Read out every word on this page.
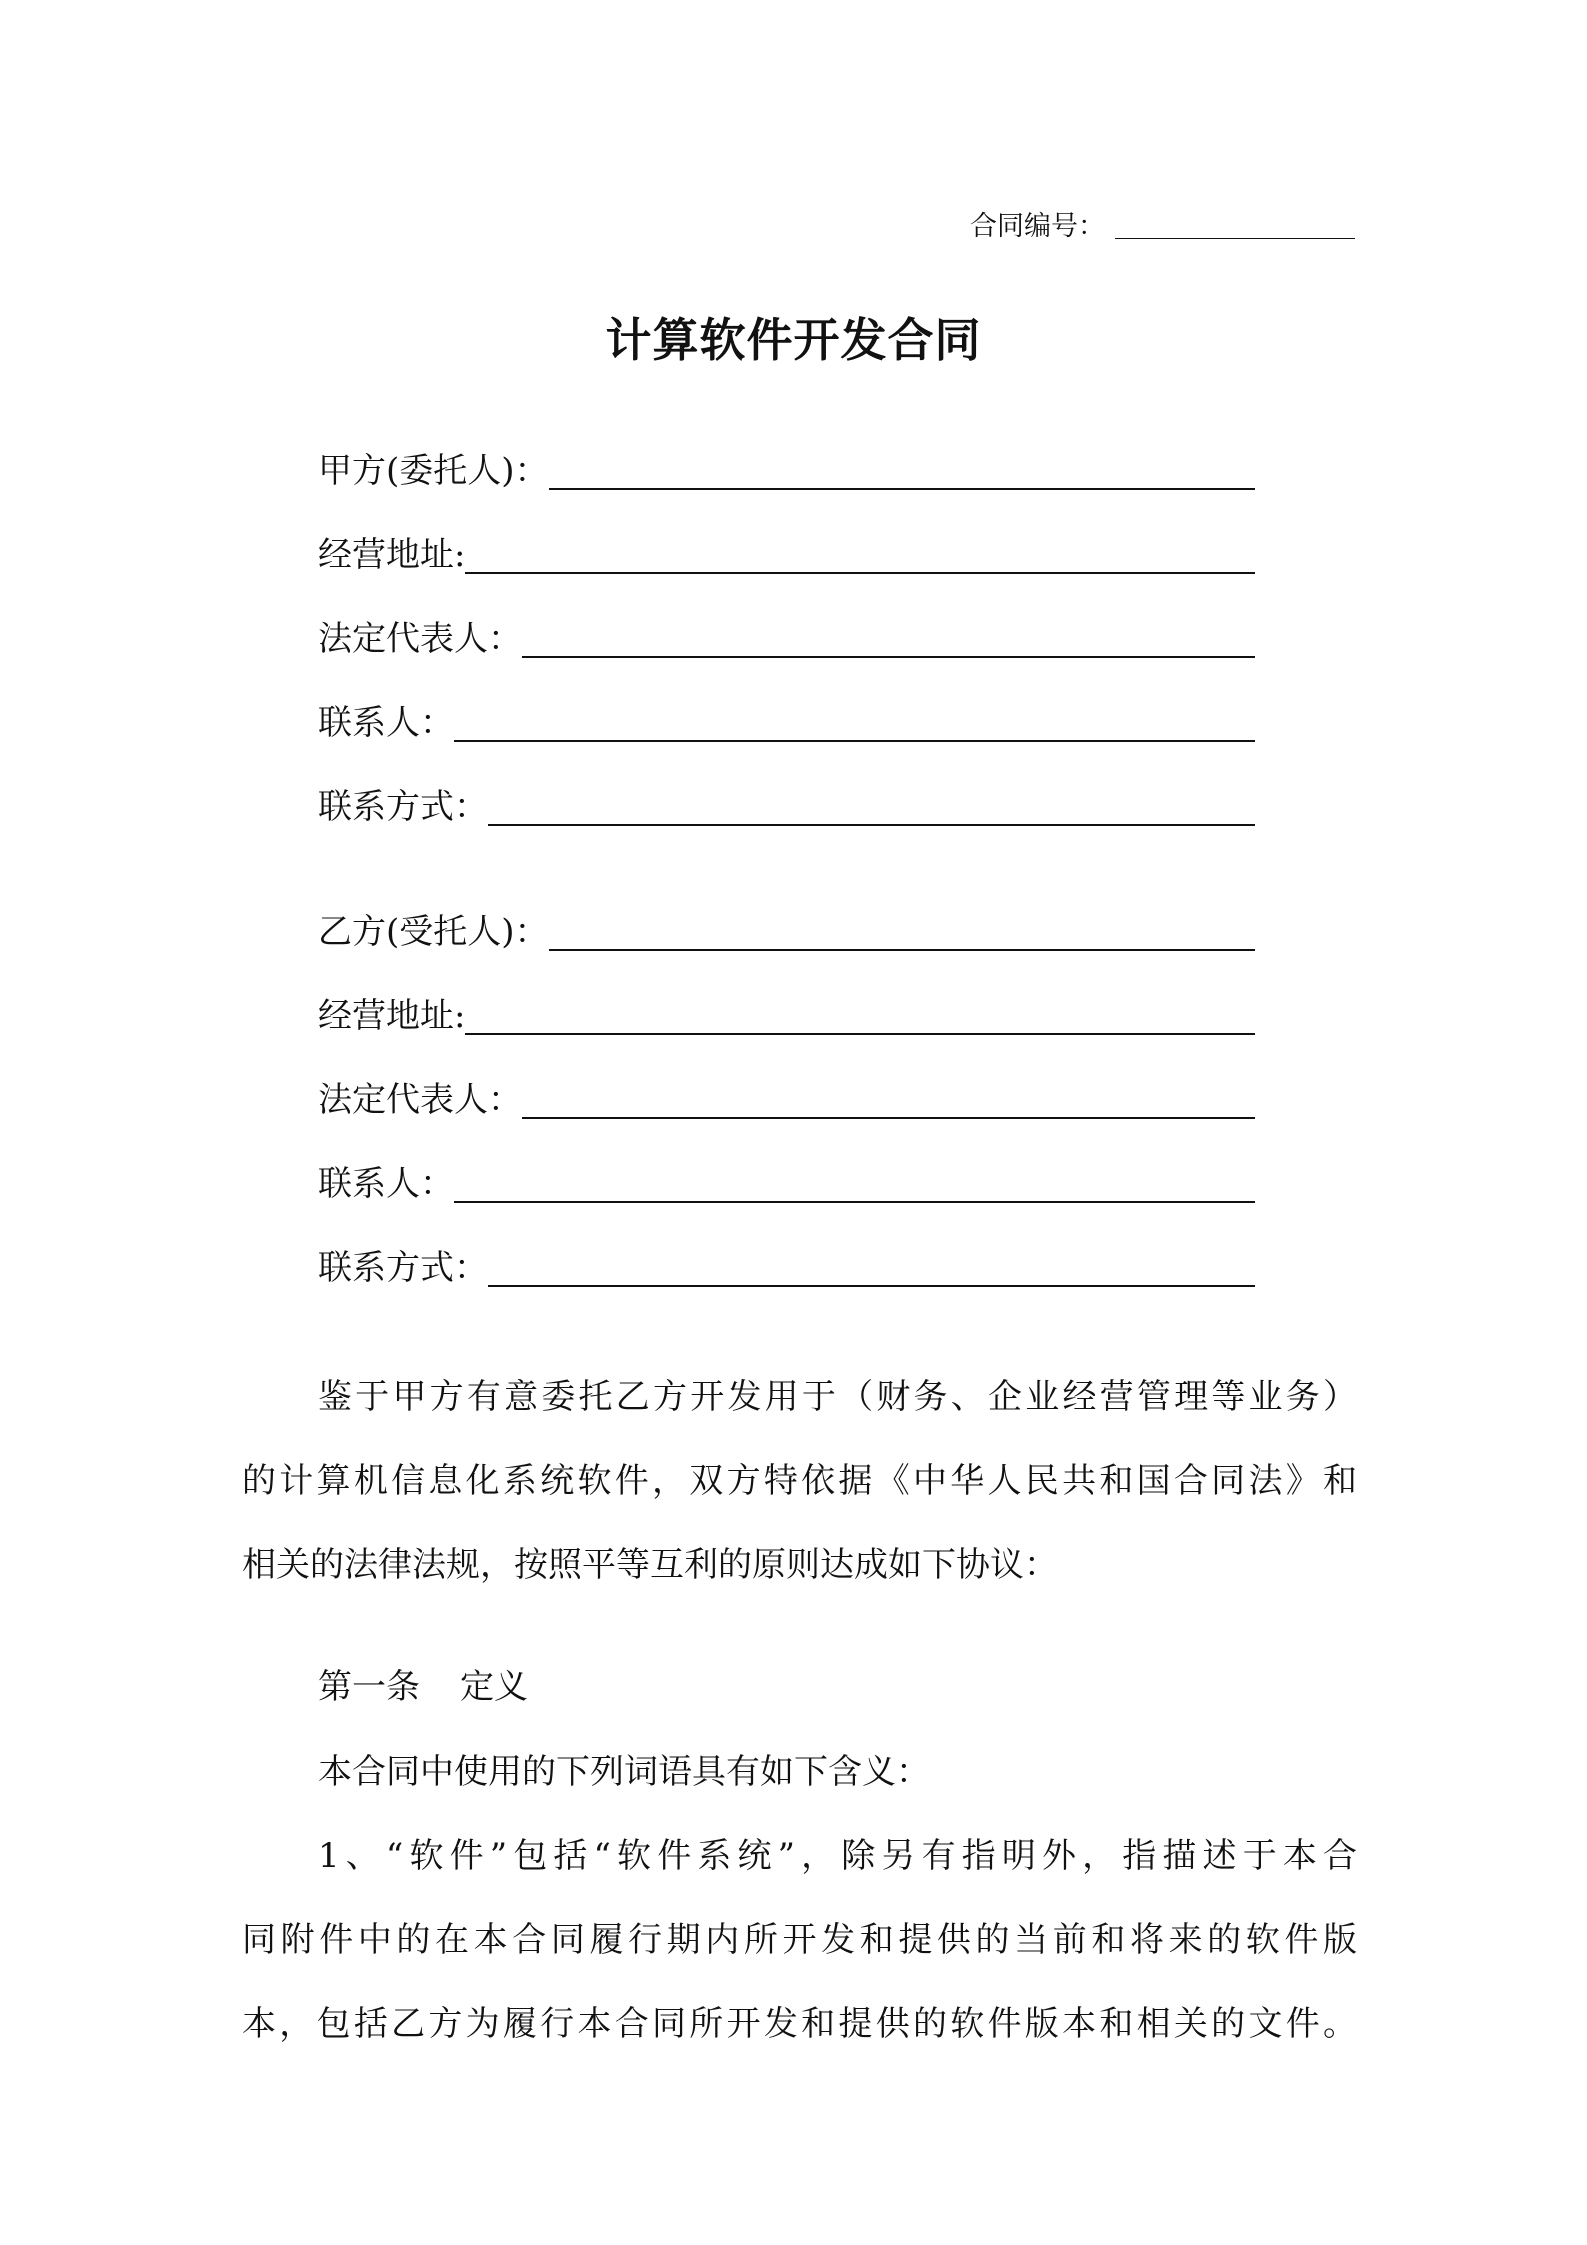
合同编号：
计算软件开发合同
甲方(委托人)：
经营地址:
法定代表人：
联系人：
联系方式：
乙方(受托人)：
经营地址:
法定代表人：
联系人：
联系方式：
鉴于甲方有意委托乙方开发用于（财务、企业经营管理等业务）
的计算机信息化系统软件，双方特依据《中华人民共和国合同法》和
相关的法律法规，按照平等互利的原则达成如下协议：
第一条 定义
本合同中使用的下列词语具有如下含义：
1、“软件”包括“软件系统”，除另有指明外，指描述于本合
同附件中的在本合同履行期内所开发和提供的当前和将来的软件版
本，包括乙方为履行本合同所开发和提供的软件版本和相关的文件。
